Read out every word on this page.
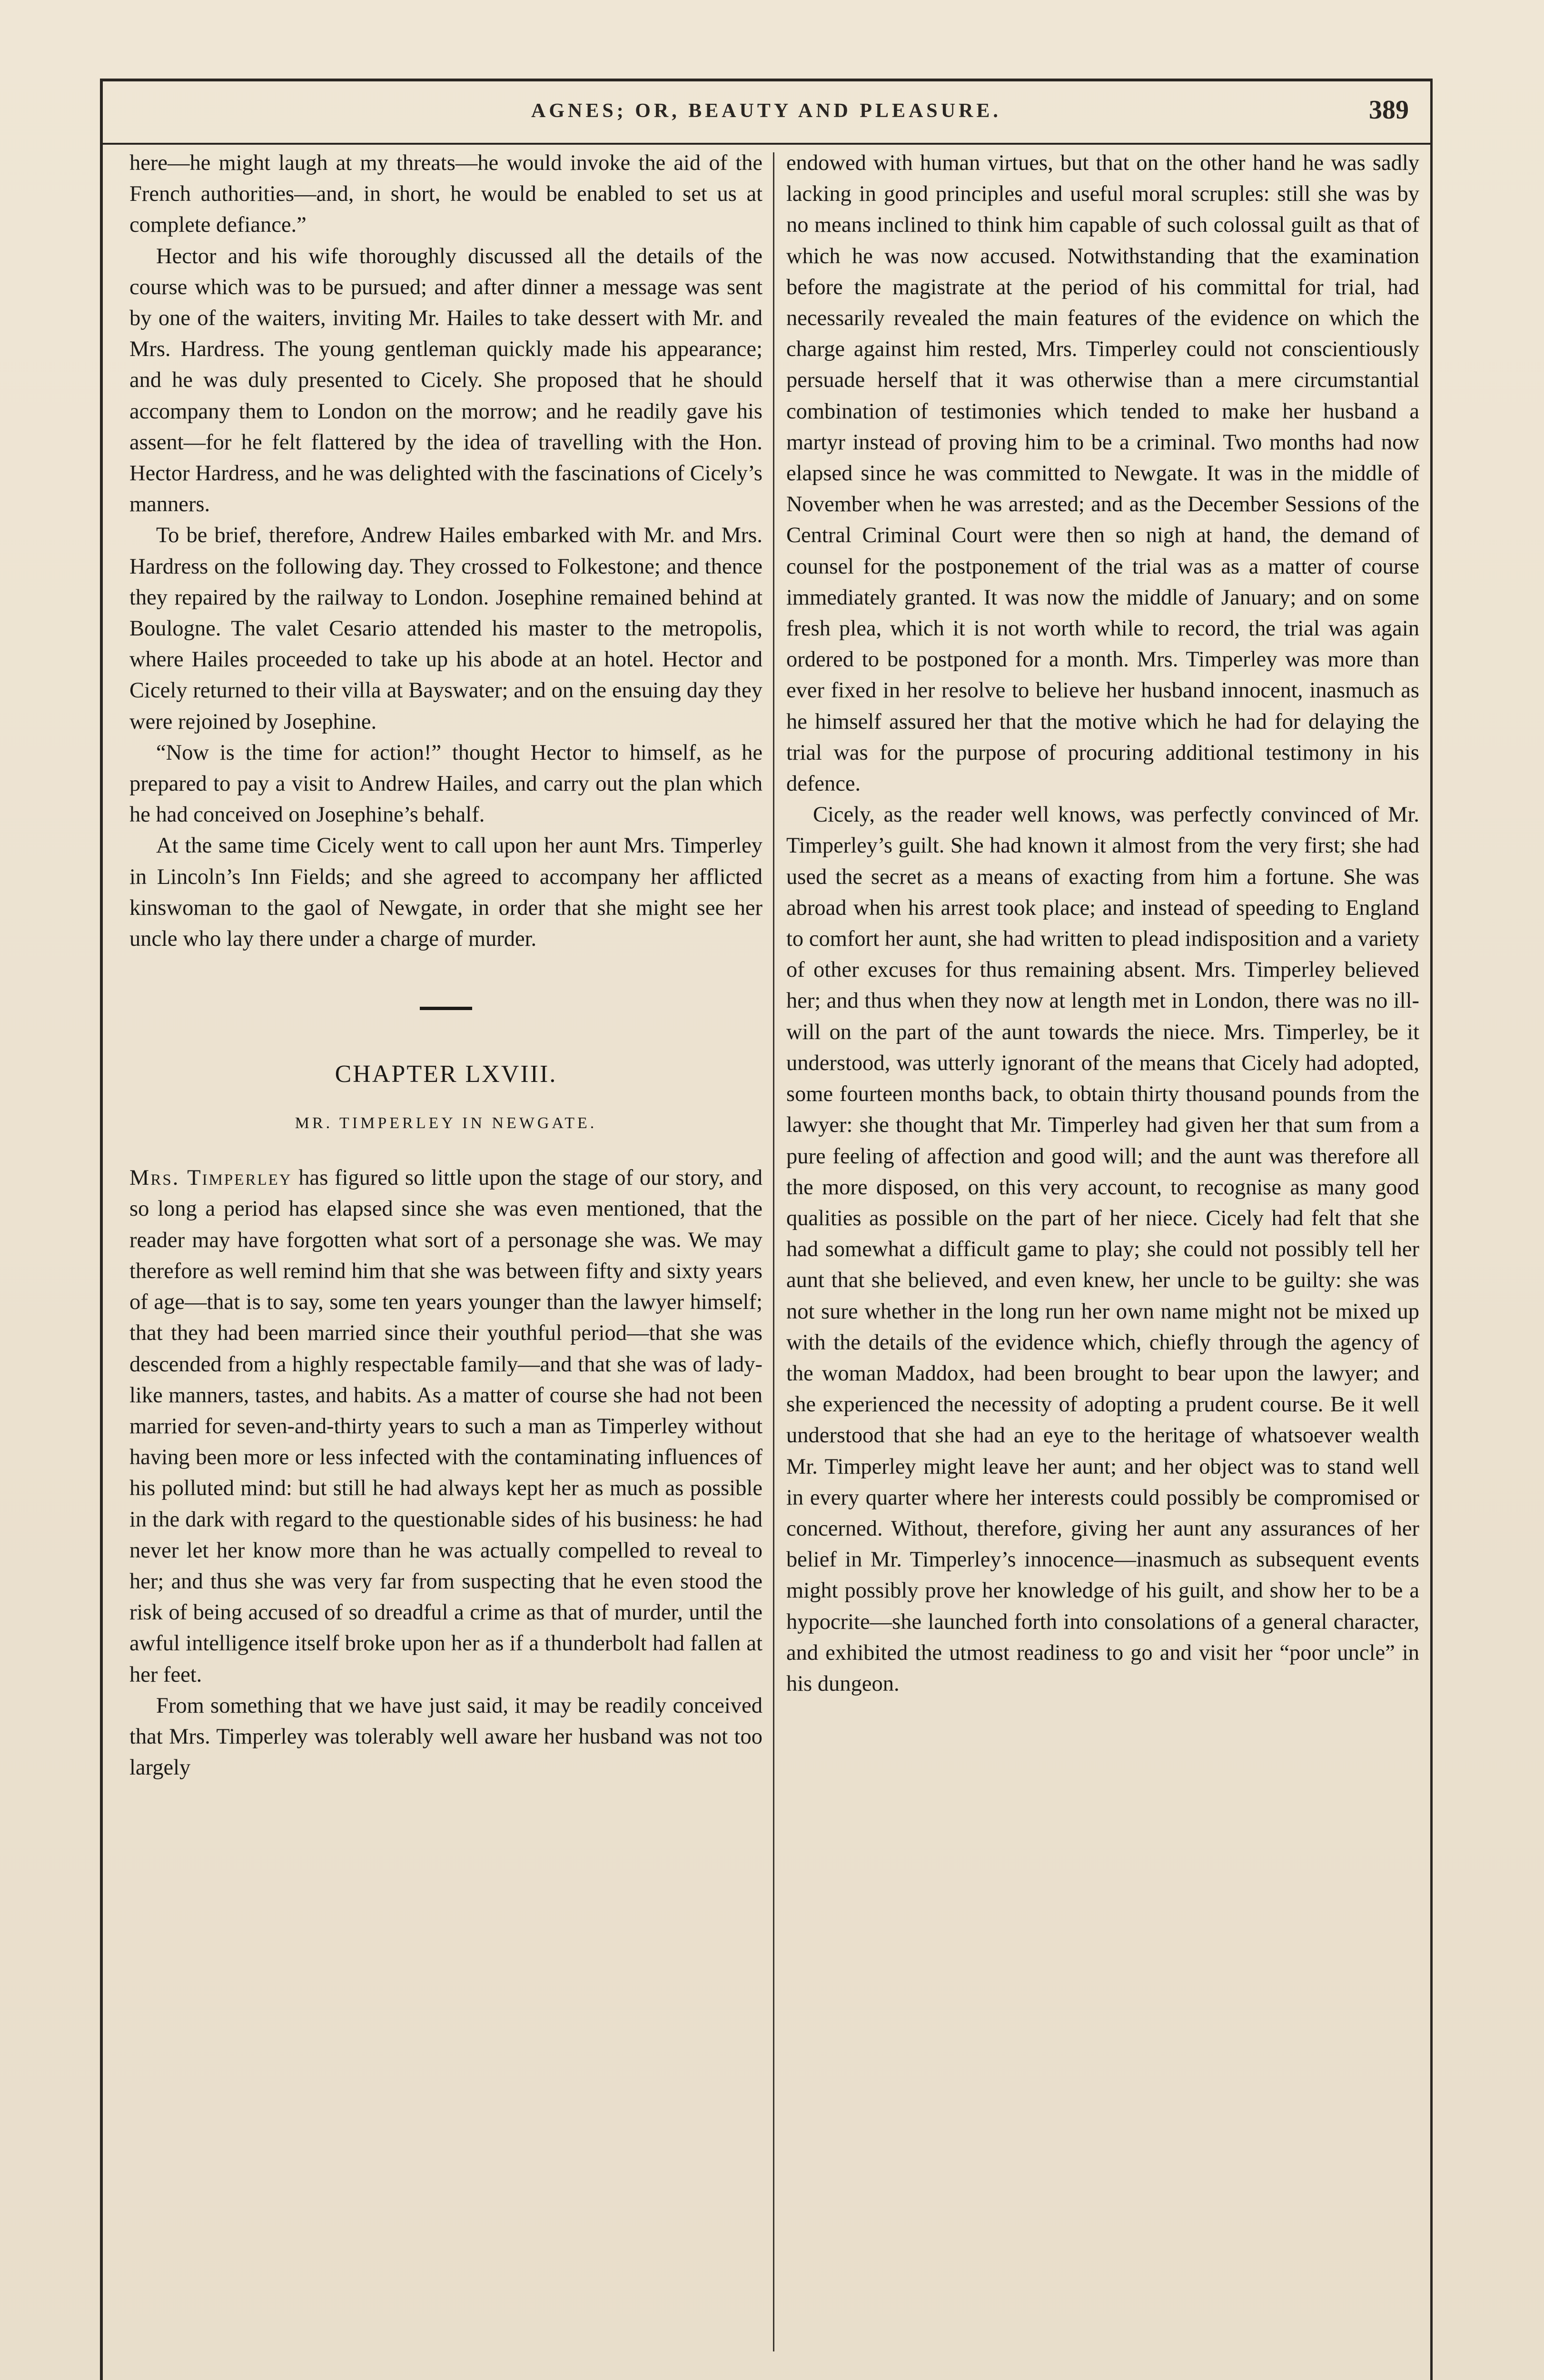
AGNES; OR, BEAUTY AND PLEASURE.	389

here—he might laugh at my threats—he would invoke the aid of the French authorities—and, in short, he would be enabled to set us at complete defiance.”

Hector and his wife thoroughly discussed all the details of the course which was to be pursued; and after dinner a message was sent by one of the waiters, inviting Mr. Hailes to take dessert with Mr. and Mrs. Hardress. The young gentleman quickly made his appearance; and he was duly presented to Cicely. She proposed that he should accompany them to London on the morrow; and he readily gave his assent—for he felt flattered by the idea of travelling with the Hon. Hector Hardress, and he was delighted with the fascinations of Cicely’s manners.

To be brief, therefore, Andrew Hailes embarked with Mr. and Mrs. Hardress on the following day. They crossed to Folkestone; and thence they repaired by the railway to London. Josephine remained behind at Boulogne. The valet Cesario attended his master to the metropolis, where Hailes proceeded to take up his abode at an hotel. Hector and Cicely returned to their villa at Bayswater; and on the ensuing day they were rejoined by Josephine.

“Now is the time for action!” thought Hector to himself, as he prepared to pay a visit to Andrew Hailes, and carry out the plan which he had conceived on Josephine’s behalf.

At the same time Cicely went to call upon her aunt Mrs. Timperley in Lincoln’s Inn Fields; and she agreed to accompany her afflicted kinswoman to the gaol of Newgate, in order that she might see her uncle who lay there under a charge of murder.

CHAPTER LXVIII.
MR. TIMPERLEY IN NEWGATE.

Mrs. Timperley has figured so little upon the stage of our story, and so long a period has elapsed since she was even mentioned, that the reader may have forgotten what sort of a personage she was. We may therefore as well remind him that she was between fifty and sixty years of age—that is to say, some ten years younger than the lawyer himself; that they had been married since their youthful period—that she was descended from a highly respectable family—and that she was of lady-like manners, tastes, and habits. As a matter of course she had not been married for seven-and-thirty years to such a man as Timperley without having been more or less infected with the contaminating influences of his polluted mind: but still he had always kept her as much as possible in the dark with regard to the questionable sides of his business: he had never let her know more than he was actually compelled to reveal to her; and thus she was very far from suspecting that he even stood the risk of being accused of so dreadful a crime as that of murder, until the awful intelligence itself broke upon her as if a thunderbolt had fallen at her feet.

From something that we have just said, it may be readily conceived that Mrs. Timperley was tolerably well aware her husband was not too largely

endowed with human virtues, but that on the other hand he was sadly lacking in good principles and useful moral scruples: still she was by no means inclined to think him capable of such colossal guilt as that of which he was now accused. Notwithstanding that the examination before the magistrate at the period of his committal for trial, had necessarily revealed the main features of the evidence on which the charge against him rested, Mrs. Timperley could not conscientiously persuade herself that it was otherwise than a mere circumstantial combination of testimonies which tended to make her husband a martyr instead of proving him to be a criminal. Two months had now elapsed since he was committed to Newgate. It was in the middle of November when he was arrested; and as the December Sessions of the Central Criminal Court were then so nigh at hand, the demand of counsel for the postponement of the trial was as a matter of course immediately granted. It was now the middle of January; and on some fresh plea, which it is not worth while to record, the trial was again ordered to be postponed for a month. Mrs. Timperley was more than ever fixed in her resolve to believe her husband innocent, inasmuch as he himself assured her that the motive which he had for delaying the trial was for the purpose of procuring additional testimony in his defence.

Cicely, as the reader well knows, was perfectly convinced of Mr. Timperley’s guilt. She had known it almost from the very first; she had used the secret as a means of exacting from him a fortune. She was abroad when his arrest took place; and instead of speeding to England to comfort her aunt, she had written to plead indisposition and a variety of other excuses for thus remaining absent. Mrs. Timperley believed her; and thus when they now at length met in London, there was no ill-will on the part of the aunt towards the niece. Mrs. Timperley, be it understood, was utterly ignorant of the means that Cicely had adopted, some fourteen months back, to obtain thirty thousand pounds from the lawyer: she thought that Mr. Timperley had given her that sum from a pure feeling of affection and good will; and the aunt was therefore all the more disposed, on this very account, to recognise as many good qualities as possible on the part of her niece. Cicely had felt that she had somewhat a difficult game to play; she could not possibly tell her aunt that she believed, and even knew, her uncle to be guilty: she was not sure whether in the long run her own name might not be mixed up with the details of the evidence which, chiefly through the agency of the woman Maddox, had been brought to bear upon the lawyer; and she experienced the necessity of adopting a prudent course. Be it well understood that she had an eye to the heritage of whatsoever wealth Mr. Timperley might leave her aunt; and her object was to stand well in every quarter where her interests could possibly be compromised or concerned. Without, therefore, giving her aunt any assurances of her belief in Mr. Timperley’s innocence—inasmuch as subsequent events might possibly prove her knowledge of his guilt, and show her to be a hypocrite—she launched forth into consolations of a general character, and exhibited the utmost readiness to go and visit her “poor uncle” in his dungeon.
